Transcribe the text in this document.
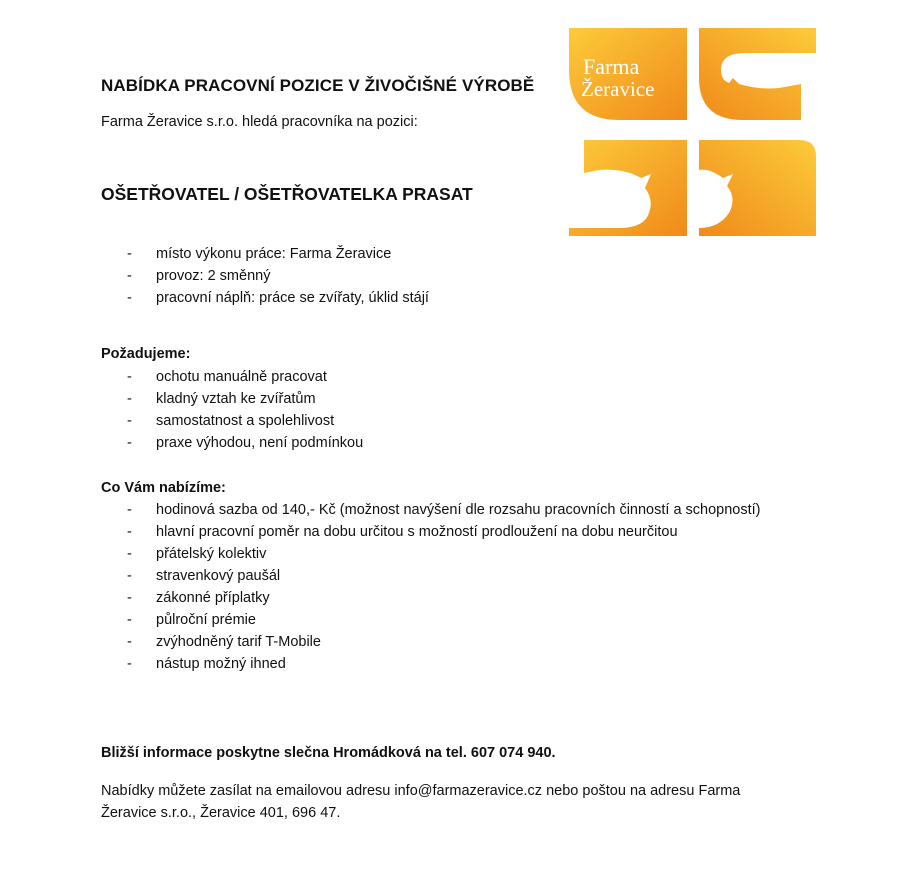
NABÍDKA PRACOVNÍ POZICE V ŽIVOČIŠNÉ VÝROBĚ

Farma Žeravice s.r.o. hledá pracovníka na pozici:

Farma
Žeravice
OŠETŘOVATEL / OŠETŘOVATELKA PRASAT
- místo výkonu práce: Farma Žeravice
- provoz: 2 směnný
- pracovní náplň: práce se zvířaty, úklid stájí

Požadujeme:

- ochotu manuálně pracovat
- kladný vztah ke zvířatům
- samostatnost a spolehlivost
- praxe výhodou, není podmínkou

Co Vám nabízíme:

- hodinová sazba od 140,- Kč (možnost navýšení dle rozsahu pracovních činností a schopností)
- hlavní pracovní poměr na dobu určitou s možností prodloužení na dobu neurčitou
- přátelský kolektiv
- stravenkový paušál
- zákonné příplatky
- půlroční prémie
- zvýhodněný tarif T-Mobile
- nástup možný ihned

Bližší informace poskytne slečna Hromádková na tel. 607 074 940.

Nabídky můžete zasílat na emailovou adresu info@farmazeravice.cz nebo poštou na adresu Farma Žeravice s.r.o., Žeravice 401, 696 47.
